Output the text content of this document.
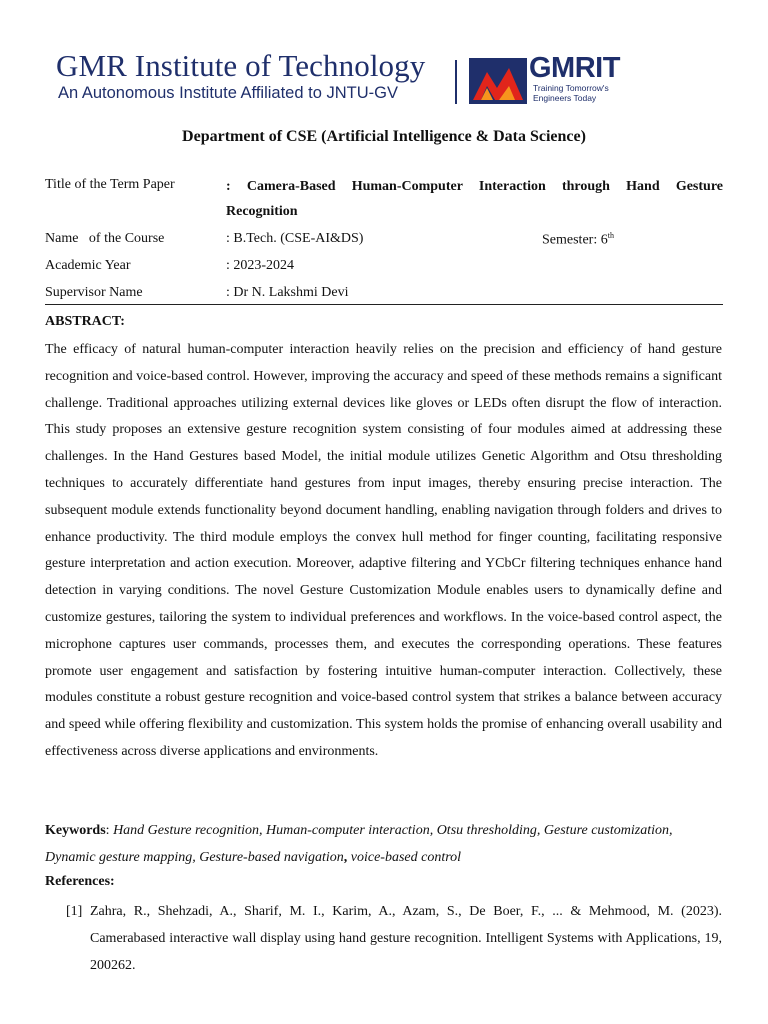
GMR Institute of Technology
An Autonomous Institute Affiliated to JNTU-GV
GMRIT
Training Tomorrow's Engineers Today
Department of CSE (Artificial Intelligence & Data Science)
Title of the Term Paper	: Camera-Based Human-Computer Interaction through Hand Gesture
Recognition
Name   of the Course	: B.Tech. (CSE-AI&DS)	Semester: 6th
Academic Year	: 2023-2024
Supervisor Name	: Dr N. Lakshmi Devi
ABSTRACT:

The efficacy of natural human-computer interaction heavily relies on the precision and efficiency of hand gesture recognition and voice-based control. However, improving the accuracy and speed of these methods remains a significant challenge. Traditional approaches utilizing external devices like gloves or LEDs often disrupt the flow of interaction. This study proposes an extensive gesture recognition system consisting of four modules aimed at addressing these challenges. In the Hand Gestures based Model, the initial module utilizes Genetic Algorithm and Otsu thresholding techniques to accurately differentiate hand gestures from input images, thereby ensuring precise interaction. The subsequent module extends functionality beyond document handling, enabling navigation through folders and drives to enhance productivity. The third module employs the convex hull method for finger counting, facilitating responsive gesture interpretation and action execution. Moreover, adaptive filtering and YCbCr filtering techniques enhance hand detection in varying conditions. The novel Gesture Customization Module enables users to dynamically define and customize gestures, tailoring the system to individual preferences and workflows. In the voice-based control aspect, the microphone captures user commands, processes them, and executes the corresponding operations. These features promote user engagement and satisfaction by fostering intuitive human-computer interaction. Collectively, these modules constitute a robust gesture recognition and voice-based control system that strikes a balance between accuracy and speed while offering flexibility and customization. This system holds the promise of enhancing overall usability and effectiveness across diverse applications and environments.

Keywords: Hand Gesture recognition, Human-computer interaction, Otsu thresholding, Gesture customization, Dynamic gesture mapping, Gesture-based navigation, voice-based control

References:
[1] Zahra, R., Shehzadi, A., Sharif, M. I., Karim, A., Azam, S., De Boer, F., ... & Mehmood, M. (2023). Camerabased interactive wall display using hand gesture recognition. Intelligent Systems with Applications, 19, 200262.
